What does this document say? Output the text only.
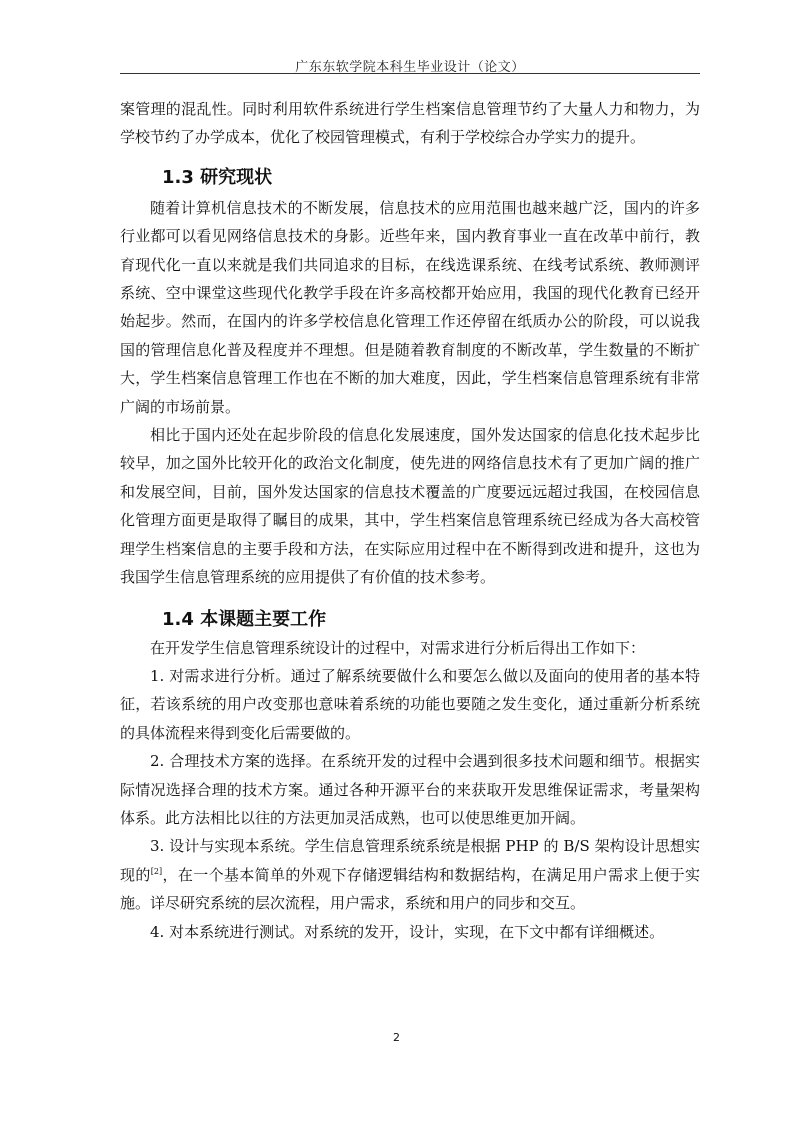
广东东软学院本科生毕业设计（论文）

案管理的混乱性。同时利用软件系统进行学生档案信息管理节约了大量人力和物力，为学校节约了办学成本，优化了校园管理模式，有利于学校综合办学实力的提升。

1.3 研究现状

随着计算机信息技术的不断发展，信息技术的应用范围也越来越广泛，国内的许多行业都可以看见网络信息技术的身影。近些年来，国内教育事业一直在改革中前行，教育现代化一直以来就是我们共同追求的目标，在线选课系统、在线考试系统、教师测评系统、空中课堂这些现代化教学手段在许多高校都开始应用，我国的现代化教育已经开始起步。然而，在国内的许多学校信息化管理工作还停留在纸质办公的阶段，可以说我国的管理信息化普及程度并不理想。但是随着教育制度的不断改革，学生数量的不断扩大，学生档案信息管理工作也在不断的加大难度，因此，学生档案信息管理系统有非常广阔的市场前景。

相比于国内还处在起步阶段的信息化发展速度，国外发达国家的信息化技术起步比较早，加之国外比较开化的政治文化制度，使先进的网络信息技术有了更加广阔的推广和发展空间，目前，国外发达国家的信息技术覆盖的广度要远远超过我国，在校园信息化管理方面更是取得了瞩目的成果，其中，学生档案信息管理系统已经成为各大高校管理学生档案信息的主要手段和方法，在实际应用过程中在不断得到改进和提升，这也为我国学生信息管理系统的应用提供了有价值的技术参考。

1.4 本课题主要工作

在开发学生信息管理系统设计的过程中，对需求进行分析后得出工作如下：

1. 对需求进行分析。通过了解系统要做什么和要怎么做以及面向的使用者的基本特征，若该系统的用户改变那也意味着系统的功能也要随之发生变化，通过重新分析系统的具体流程来得到变化后需要做的。

2. 合理技术方案的选择。在系统开发的过程中会遇到很多技术问题和细节。根据实际情况选择合理的技术方案。通过各种开源平台的来获取开发思维保证需求，考量架构体系。此方法相比以往的方法更加灵活成熟，也可以使思维更加开阔。

3. 设计与实现本系统。学生信息管理系统系统是根据 PHP 的 B/S 架构设计思想实现的[2]，在一个基本简单的外观下存储逻辑结构和数据结构，在满足用户需求上便于实施。详尽研究系统的层次流程，用户需求，系统和用户的同步和交互。

4. 对本系统进行测试。对系统的发开，设计，实现，在下文中都有详细概述。

2
